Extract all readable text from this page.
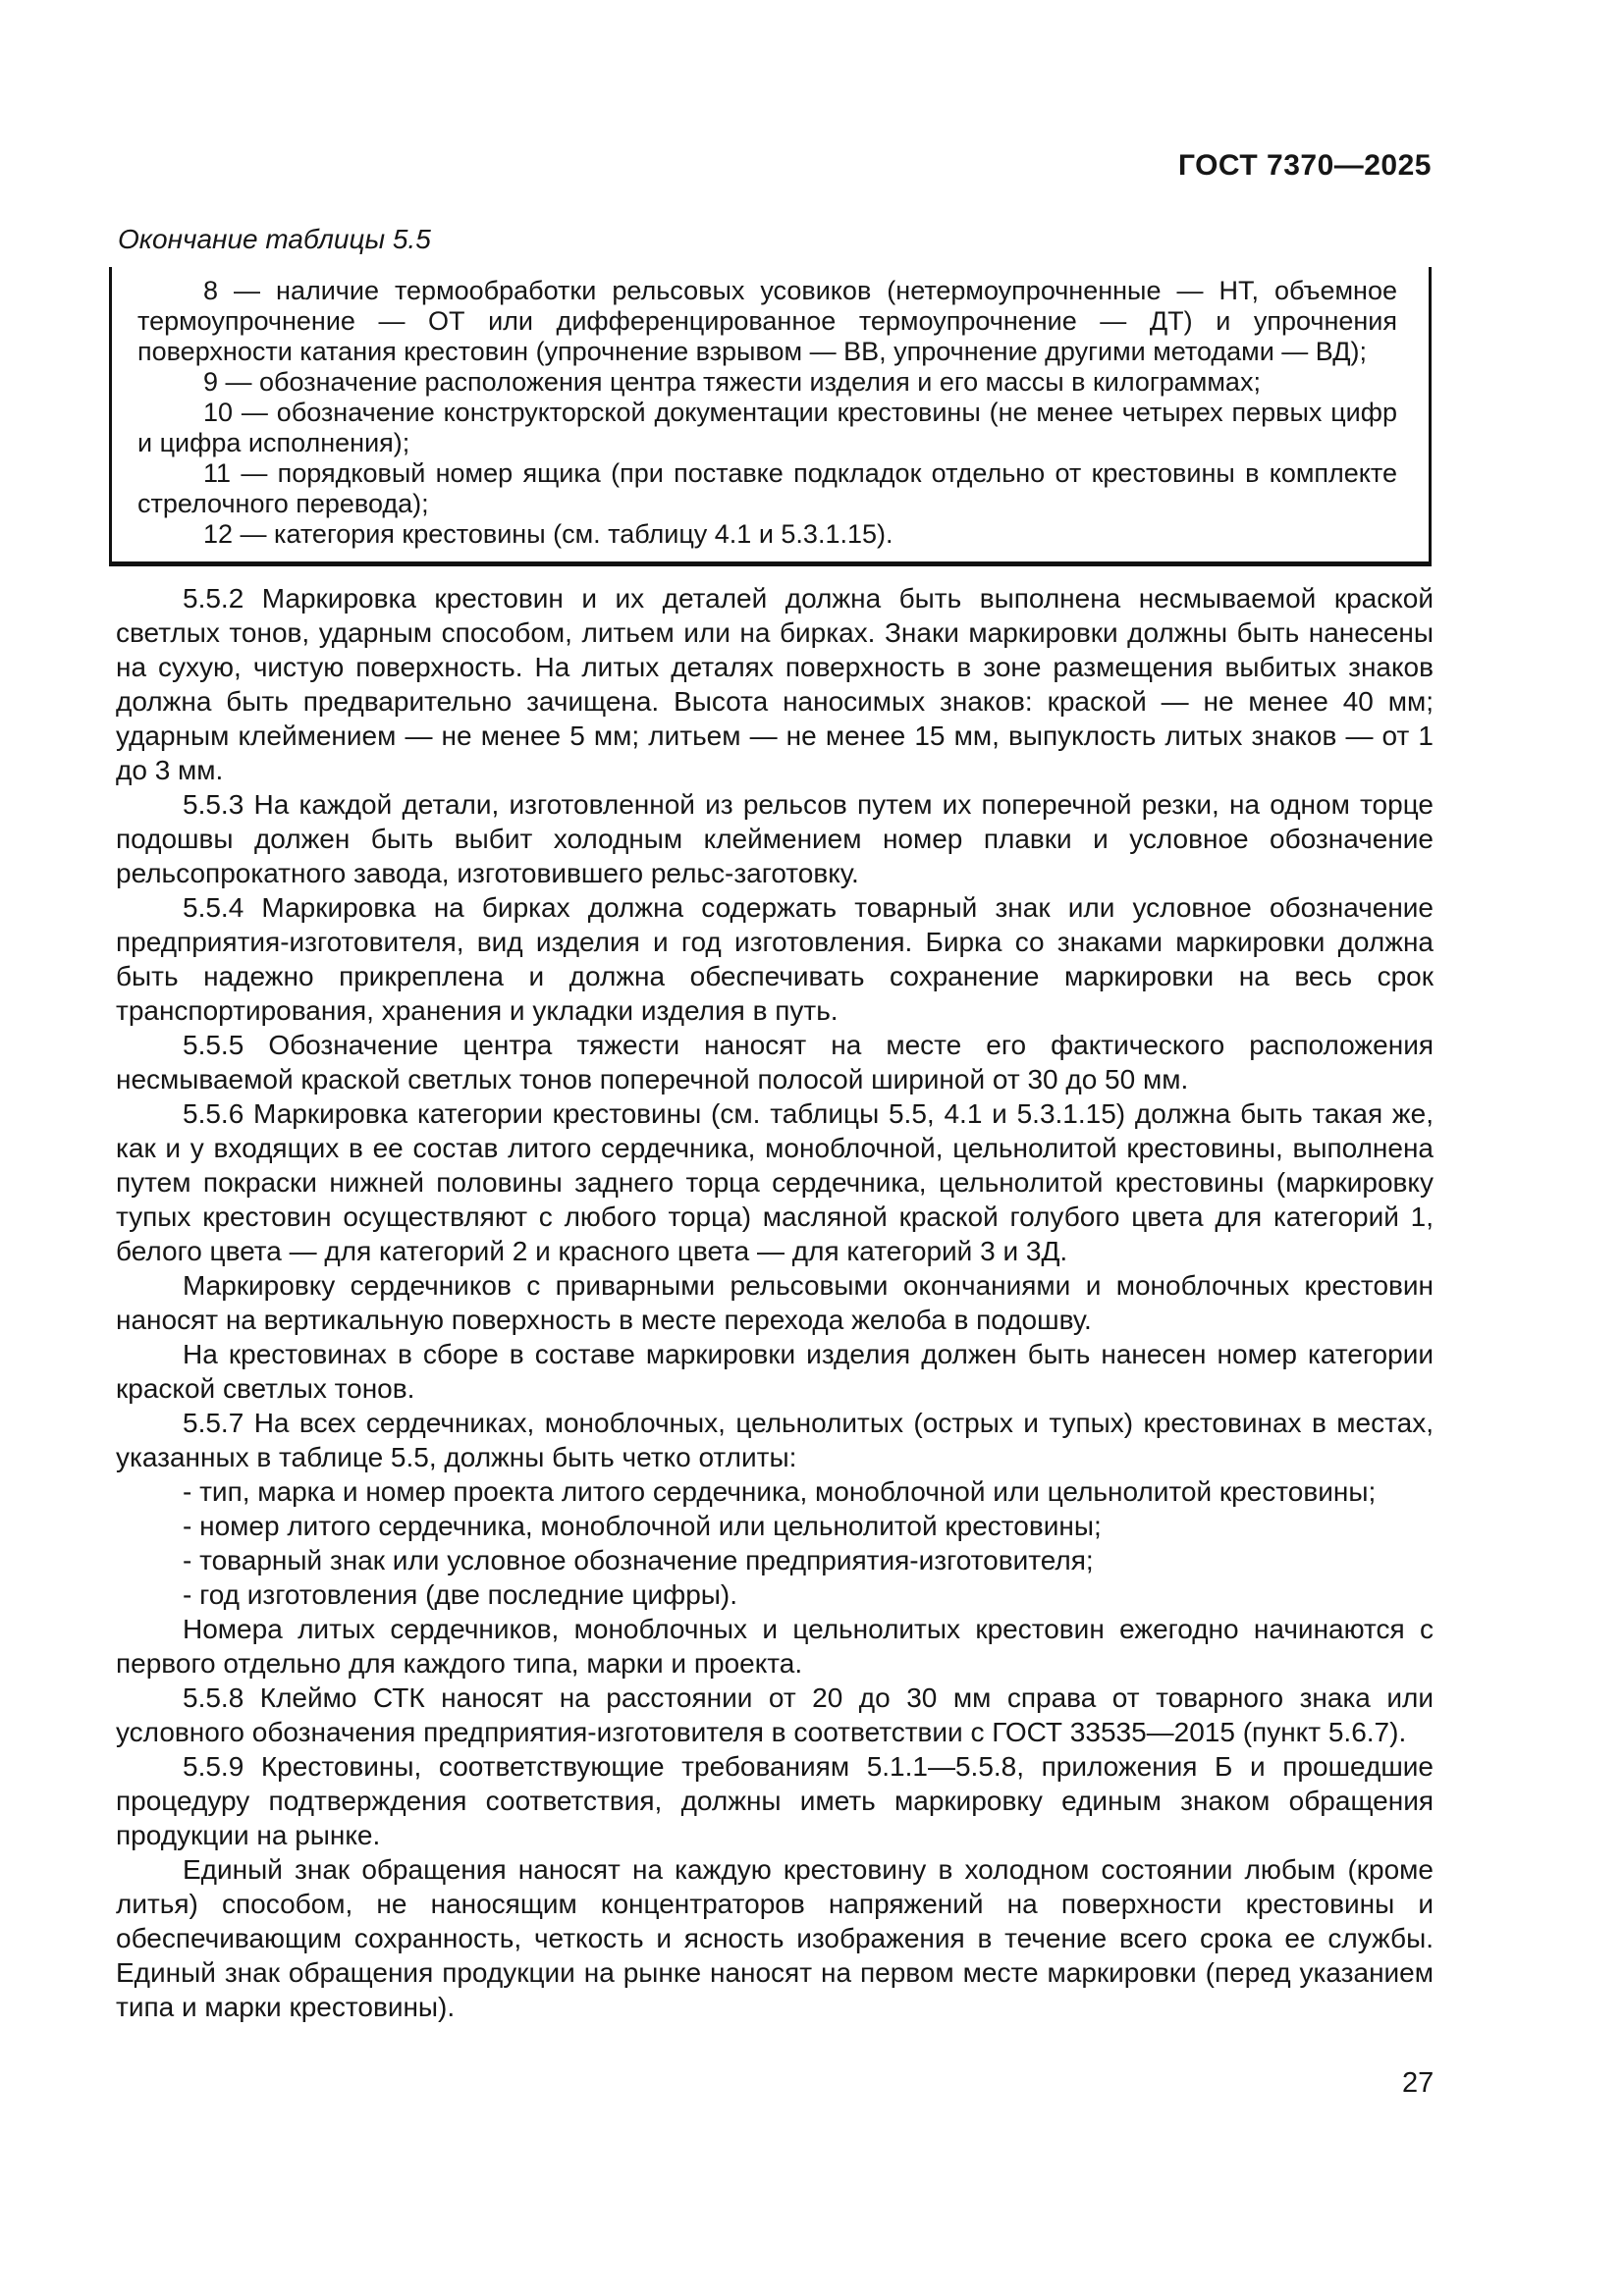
ГОСТ 7370—2025
Окончание таблицы 5.5

8 — наличие термообработки рельсовых усовиков (нетермоупрочненные — НТ, объемное термоупрочнение — ОТ или дифференцированное термоупрочнение — ДТ) и упрочнения поверхности катания крестовин (упрочнение взрывом — ВВ, упрочнение другими методами — ВД);

9 — обозначение расположения центра тяжести изделия и его массы в килограммах;

10 — обозначение конструкторской документации крестовины (не менее четырех первых цифр и цифра исполнения);

11 — порядковый номер ящика (при поставке подкладок отдельно от крестовины в комплекте стрелочного перевода);

12 — категория крестовины (см. таблицу 4.1 и 5.3.1.15).

5.5.2 Маркировка крестовин и их деталей должна быть выполнена несмываемой краской светлых тонов, ударным способом, литьем или на бирках. Знаки маркировки должны быть нанесены на сухую, чистую поверхность. На литых деталях поверхность в зоне размещения выбитых знаков должна быть предварительно зачищена. Высота наносимых знаков: краской — не менее 40 мм; ударным клеймением — не менее 5 мм; литьем — не менее 15 мм, выпуклость литых знаков — от 1 до 3 мм.

5.5.3 На каждой детали, изготовленной из рельсов путем их поперечной резки, на одном торце подошвы должен быть выбит холодным клеймением номер плавки и условное обозначение рельсопрокатного завода, изготовившего рельс-заготовку.

5.5.4 Маркировка на бирках должна содержать товарный знак или условное обозначение предприятия-изготовителя, вид изделия и год изготовления. Бирка со знаками маркировки должна быть надежно прикреплена и должна обеспечивать сохранение маркировки на весь срок транспортирования, хранения и укладки изделия в путь.

5.5.5 Обозначение центра тяжести наносят на месте его фактического расположения несмываемой краской светлых тонов поперечной полосой шириной от 30 до 50 мм.

5.5.6 Маркировка категории крестовины (см. таблицы 5.5, 4.1 и 5.3.1.15) должна быть такая же, как и у входящих в ее состав литого сердечника, моноблочной, цельнолитой крестовины, выполнена путем покраски нижней половины заднего торца сердечника, цельнолитой крестовины (маркировку тупых крестовин осуществляют с любого торца) масляной краской голубого цвета для категорий 1, белого цвета — для категорий 2 и красного цвета — для категорий 3 и 3Д.

Маркировку сердечников с приварными рельсовыми окончаниями и моноблочных крестовин наносят на вертикальную поверхность в месте перехода желоба в подошву.

На крестовинах в сборе в составе маркировки изделия должен быть нанесен номер категории краской светлых тонов.

5.5.7 На всех сердечниках, моноблочных, цельнолитых (острых и тупых) крестовинах в местах, указанных в таблице 5.5, должны быть четко отлиты:

- тип, марка и номер проекта литого сердечника, моноблочной или цельнолитой крестовины;

- номер литого сердечника, моноблочной или цельнолитой крестовины;

- товарный знак или условное обозначение предприятия-изготовителя;

- год изготовления (две последние цифры).

Номера литых сердечников, моноблочных и цельнолитых крестовин ежегодно начинаются с первого отдельно для каждого типа, марки и проекта.

5.5.8 Клеймо СТК наносят на расстоянии от 20 до 30 мм справа от товарного знака или условного обозначения предприятия-изготовителя в соответствии с ГОСТ 33535—2015 (пункт 5.6.7).

5.5.9 Крестовины, соответствующие требованиям 5.1.1—5.5.8, приложения Б и прошедшие процедуру подтверждения соответствия, должны иметь маркировку единым знаком обращения продукции на рынке.

Единый знак обращения наносят на каждую крестовину в холодном состоянии любым (кроме литья) способом, не наносящим концентраторов напряжений на поверхности крестовины и обеспечивающим сохранность, четкость и ясность изображения в течение всего срока ее службы. Единый знак обращения продукции на рынке наносят на первом месте маркировки (перед указанием типа и марки крестовины).

27
